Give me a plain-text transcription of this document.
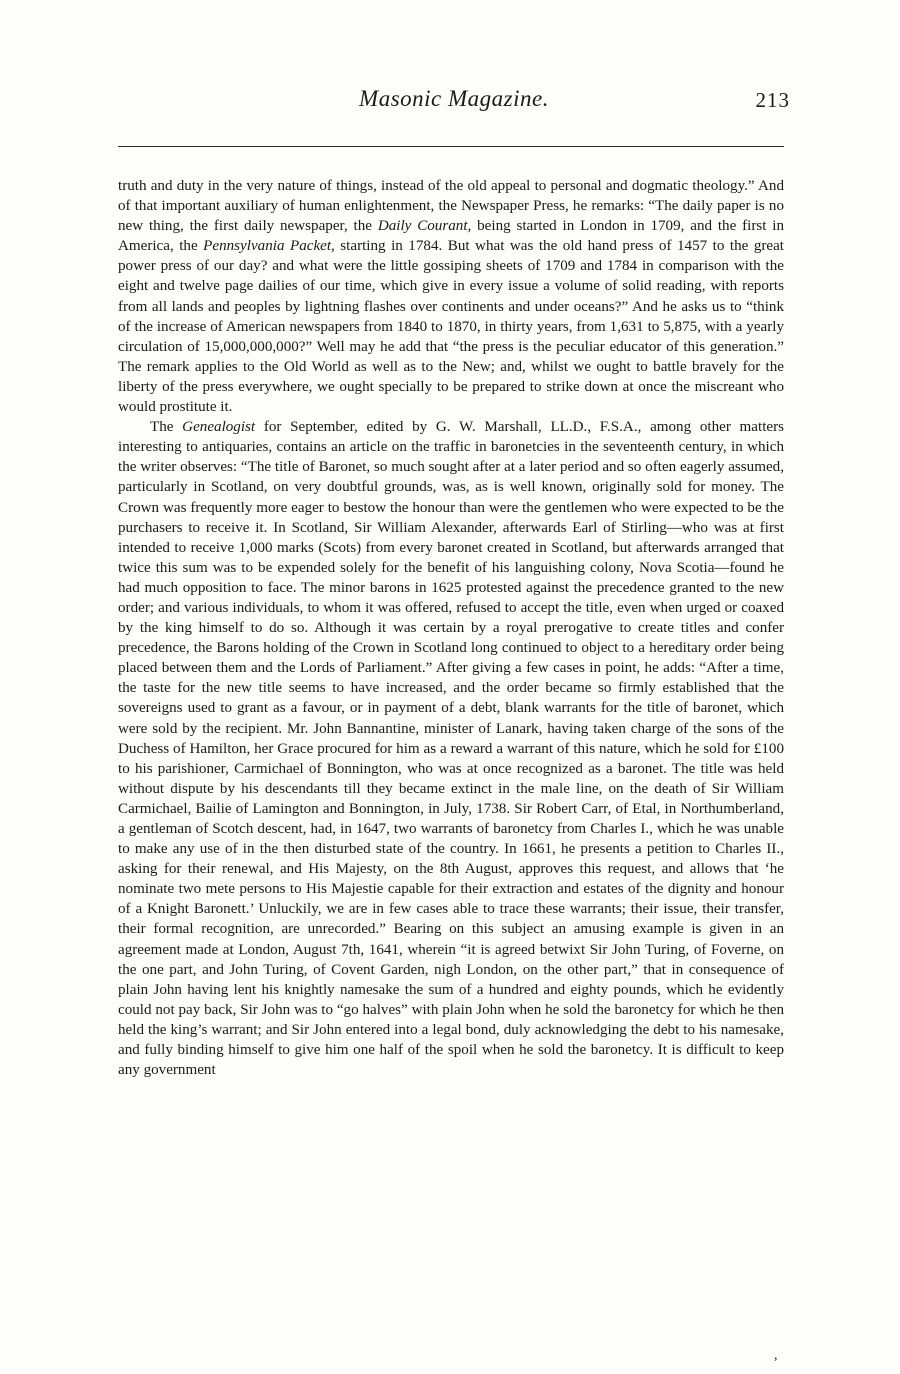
Masonic Magazine.	213

truth and duty in the very nature of things, instead of the old appeal to personal and dogmatic theology.” And of that important auxiliary of human enlightenment, the Newspaper Press, he remarks: “The daily paper is no new thing, the first daily newspaper, the Daily Courant, being started in London in 1709, and the first in America, the Pennsylvania Packet, starting in 1784. But what was the old hand press of 1457 to the great power press of our day? and what were the little gossiping sheets of 1709 and 1784 in comparison with the eight and twelve page dailies of our time, which give in every issue a volume of solid reading, with reports from all lands and peoples by lightning flashes over continents and under oceans?” And he asks us to “think of the increase of American newspapers from 1840 to 1870, in thirty years, from 1,631 to 5,875, with a yearly circulation of 15,000,000,000?” Well may he add that “the press is the peculiar educator of this generation.” The remark applies to the Old World as well as to the New; and, whilst we ought to battle bravely for the liberty of the press everywhere, we ought specially to be prepared to strike down at once the miscreant who would prostitute it.

The Genealogist for September, edited by G. W. Marshall, LL.D., F.S.A., among other matters interesting to antiquaries, contains an article on the traffic in baronetcies in the seventeenth century, in which the writer observes: “The title of Baronet, so much sought after at a later period and so often eagerly assumed, particularly in Scotland, on very doubtful grounds, was, as is well known, originally sold for money. The Crown was frequently more eager to bestow the honour than were the gentlemen who were expected to be the purchasers to receive it. In Scotland, Sir William Alexander, afterwards Earl of Stirling—who was at first intended to receive 1,000 marks (Scots) from every baronet created in Scotland, but afterwards arranged that twice this sum was to be expended solely for the benefit of his languishing colony, Nova Scotia—found he had much opposition to face. The minor barons in 1625 protested against the precedence granted to the new order; and various individuals, to whom it was offered, refused to accept the title, even when urged or coaxed by the king himself to do so. Although it was certain by a royal prerogative to create titles and confer precedence, the Barons holding of the Crown in Scotland long continued to object to a hereditary order being placed between them and the Lords of Parliament.” After giving a few cases in point, he adds: “After a time, the taste for the new title seems to have increased, and the order became so firmly established that the sovereigns used to grant as a favour, or in payment of a debt, blank warrants for the title of baronet, which were sold by the recipient. Mr. John Bannantine, minister of Lanark, having taken charge of the sons of the Duchess of Hamilton, her Grace procured for him as a reward a warrant of this nature, which he sold for £100 to his parishioner, Carmichael of Bonnington, who was at once recognized as a baronet. The title was held without dispute by his descendants till they became extinct in the male line, on the death of Sir William Carmichael, Bailie of Lamington and Bonnington, in July, 1738. Sir Robert Carr, of Etal, in Northumberland, a gentleman of Scotch descent, had, in 1647, two warrants of baronetcy from Charles I., which he was unable to make any use of in the then disturbed state of the country. In 1661, he presents a petition to Charles II., asking for their renewal, and His Majesty, on the 8th August, approves this request, and allows that ‘he nominate two mete persons to His Majestie capable for their extraction and estates of the dignity and honour of a Knight Baronett.’ Unluckily, we are in few cases able to trace these warrants; their issue, their transfer, their formal recognition, are unrecorded.” Bearing on this subject an amusing example is given in an agreement made at London, August 7th, 1641, wherein “it is agreed betwixt Sir John Turing, of Foverne, on the one part, and John Turing, of Covent Garden, nigh London, on the other part,” that in consequence of plain John having lent his knightly namesake the sum of a hundred and eighty pounds, which he evidently could not pay back, Sir John was to “go halves” with plain John when he sold the baronetcy for which he then held the king’s warrant; and Sir John entered into a legal bond, duly acknowledging the debt to his namesake, and fully binding himself to give him one half of the spoil when he sold the baronetcy. It is difficult to keep any government

,
